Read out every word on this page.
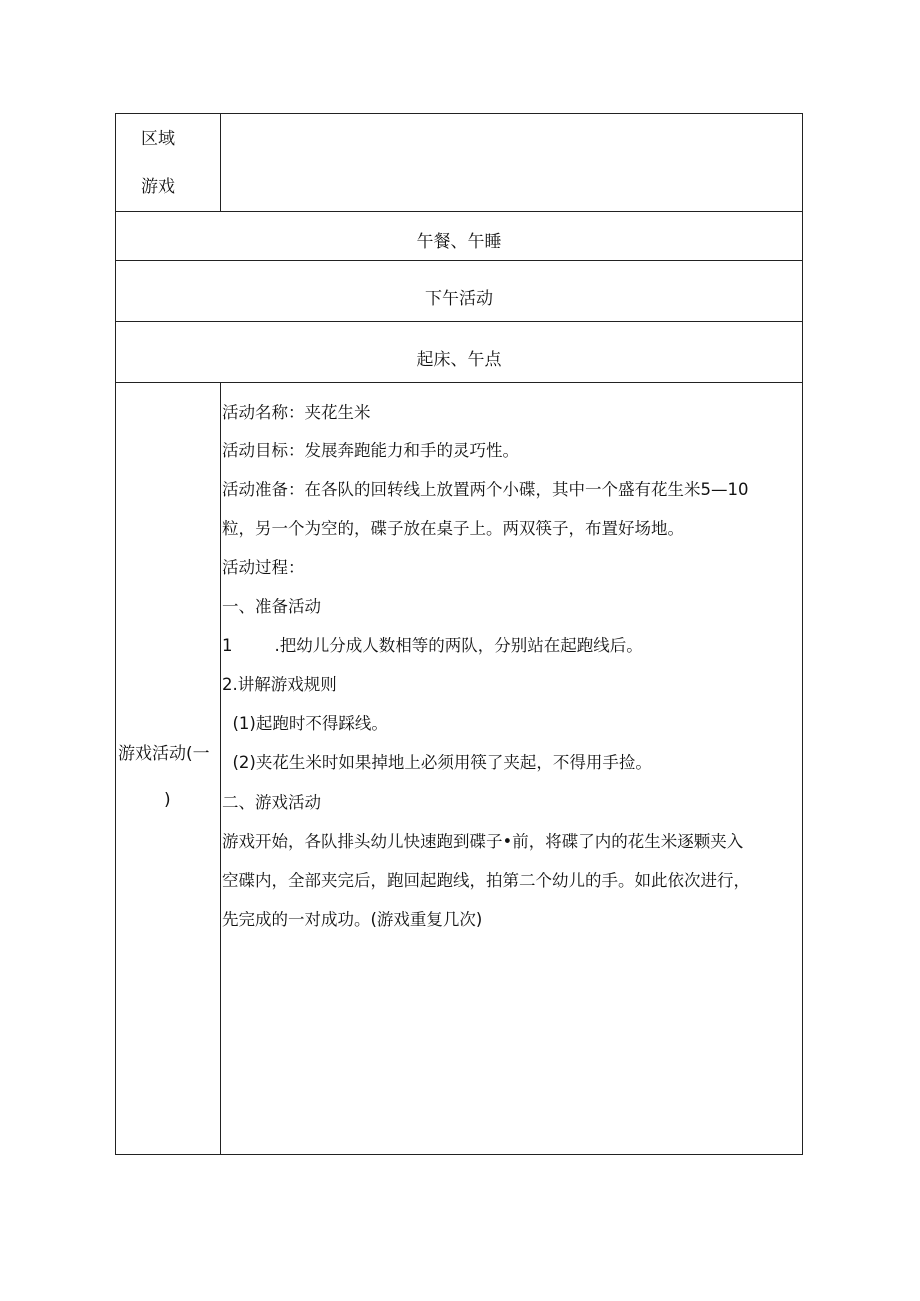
区域
游戏
午餐、午睡
下午活动
起床、午点
游戏活动(一
)
活动名称：夹花生米
活动目标：发展奔跑能力和手的灵巧性。
活动准备：在各队的回转线上放置两个小碟，其中一个盛有花生米5—10
粒，另一个为空的，碟子放在桌子上。两双筷子，布置好场地。
活动过程：
一、准备活动
1        .把幼儿分成人数相等的两队，分别站在起跑线后。
2.讲解游戏规则
(1)起跑时不得踩线。
(2)夹花生米时如果掉地上必须用筷了夹起，不得用手捡。
二、游戏活动
游戏开始，各队排头幼儿快速跑到碟子•前，将碟了内的花生米逐颗夹入
空碟内，全部夹完后，跑回起跑线，拍第二个幼儿的手。如此依次进行，
先完成的一对成功。(游戏重复几次)
